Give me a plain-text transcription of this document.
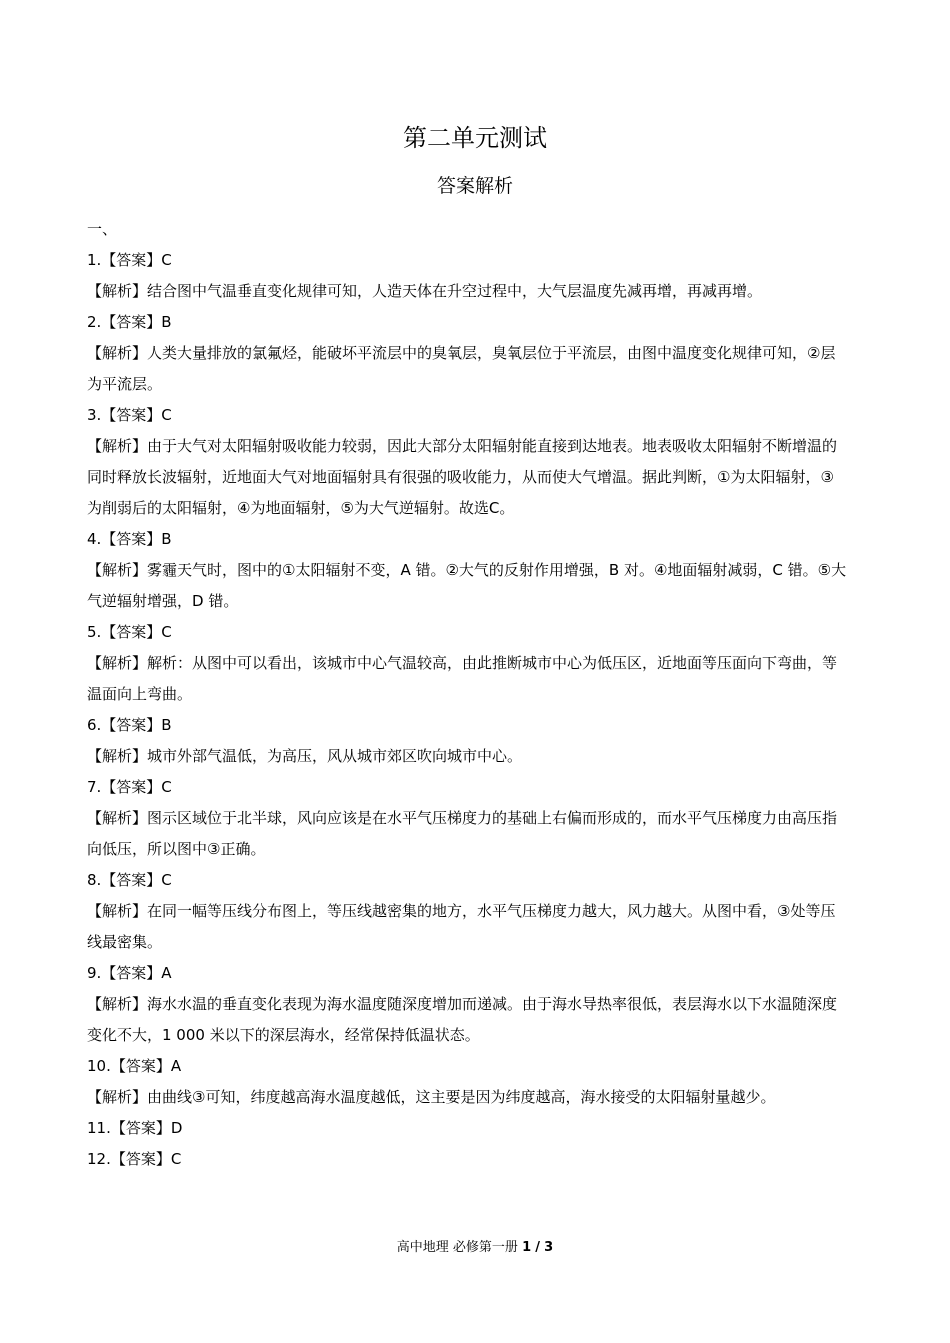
第二单元测试
答案解析
一、
1.【答案】C
【解析】结合图中气温垂直变化规律可知，人造天体在升空过程中，大气层温度先减再增，再减再增。
2.【答案】B
【解析】人类大量排放的氯氟烃，能破坏平流层中的臭氧层，臭氧层位于平流层，由图中温度变化规律可知，②层为平流层。
3.【答案】C
【解析】由于大气对太阳辐射吸收能力较弱，因此大部分太阳辐射能直接到达地表。地表吸收太阳辐射不断增温的同时释放长波辐射，近地面大气对地面辐射具有很强的吸收能力，从而使大气增温。据此判断，①为太阳辐射，③为削弱后的太阳辐射，④为地面辐射，⑤为大气逆辐射。故选C。
4.【答案】B
【解析】雾霾天气时，图中的①太阳辐射不变，A 错。②大气的反射作用增强，B 对。④地面辐射减弱，C 错。⑤大气逆辐射增强，D 错。
5.【答案】C
【解析】解析：从图中可以看出，该城市中心气温较高，由此推断城市中心为低压区，近地面等压面向下弯曲，等温面向上弯曲。
6.【答案】B
【解析】城市外部气温低，为高压，风从城市郊区吹向城市中心。
7.【答案】C
【解析】图示区域位于北半球，风向应该是在水平气压梯度力的基础上右偏而形成的，而水平气压梯度力由高压指向低压，所以图中③正确。
8.【答案】C
【解析】在同一幅等压线分布图上，等压线越密集的地方，水平气压梯度力越大，风力越大。从图中看，③处等压线最密集。
9.【答案】A
【解析】海水水温的垂直变化表现为海水温度随深度增加而递减。由于海水导热率很低，表层海水以下水温随深度变化不大，1 000 米以下的深层海水，经常保持低温状态。
10.【答案】A
【解析】由曲线③可知，纬度越高海水温度越低，这主要是因为纬度越高，海水接受的太阳辐射量越少。
11.【答案】D
12.【答案】C
高中地理 必修第一册 1 / 3
